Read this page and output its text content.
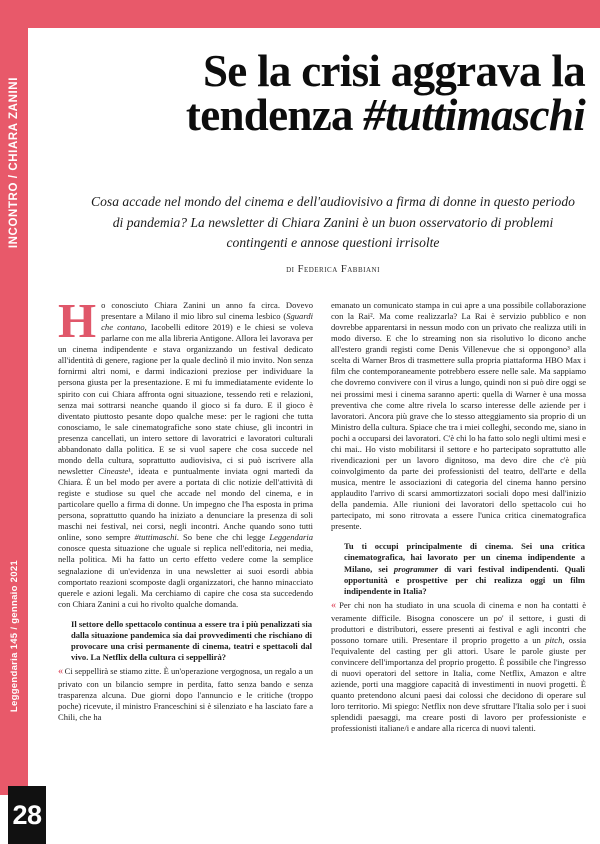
INCONTRO / CHIARA ZANINI
Leggendaria 145 / gennaio 2021
28
Se la crisi aggrava la
tendenza #tuttimaschi

Cosa accade nel mondo del cinema e dell'audiovisivo a firma di donne in questo periodo di pandemia? La newsletter di Chiara Zanini è un buon osservatorio di problemi contingenti e annose questioni irrisolte

di Federica Fabbiani

Ho conosciuto Chiara Zanini un anno fa circa. Dovevo presentare a Milano il mio libro sul cinema lesbico (Sguardi che contano, Iacobelli editore 2019) e le chiesi se voleva parlarne con me alla libreria Antigone. Allora lei lavorava per un cinema indipendente e stava organizzando un festival dedicato all'identità di genere, ragione per la quale declinò il mio invito. Non senza fornirmi altri nomi, e darmi indicazioni preziose per individuare la persona giusta per la presentazione. E mi fu immediatamente evidente lo spirito con cui Chiara affronta ogni situazione, tessendo reti e relazioni, senza mai sottrarsi neanche quando il gioco si fa duro. E il gioco è diventato piuttosto pesante dopo qualche mese: per le ragioni che tutta conosciamo, le sale cinematografiche sono state chiuse, gli incontri in presenza cancellati, un intero settore di lavoratrici e lavoratori culturali abbandonato dalla politica. E se si vuol sapere che cosa succede nel mondo della cultura, soprattutto audiovisiva, ci si può iscrivere alla newsletter Cineaste¹, ideata e puntualmente inviata ogni martedì da Chiara. È un bel modo per avere a portata di clic notizie dell'attività di registe e studiose su quel che accade nel mondo del cinema, e in particolare quello a firma di donne. Un impegno che l'ha esposta in prima persona, soprattutto quando ha iniziato a denunciare la presenza di soli maschi nei festival, nei corsi, negli incontri. Anche quando sono tutti online, sono sempre #tuttimaschi. So bene che chi legge Leggendaria conosce questa situazione che uguale si replica nell'editoria, nei media, nella politica. Mi ha fatto un certo effetto vedere come la semplice segnalazione di un'evidenza in una newsletter ai suoi esordi abbia comportato reazioni scomposte dagli organizzatori, che hanno minacciato querele e azioni legali. Ma cerchiamo di capire che cosa sta succedendo con Chiara Zanini a cui ho rivolto qualche domanda.

Il settore dello spettacolo continua a essere tra i più penalizzati sia dalla situazione pandemica sia dai provvedimenti che rischiano di provocare una crisi permanente di cinema, teatri e spettacoli dal vivo. La Netflix della cultura ci seppellirà?

« Ci seppellirà se stiamo zitte. È un'operazione vergognosa, un regalo a un privato con un bilancio sempre in perdita, fatto senza bando e senza trasparenza alcuna. Due giorni dopo l'annuncio e le critiche (troppo poche) ricevute, il ministro Franceschini si è silenziato e ha lasciato fare a Chili, che ha

emanato un comunicato stampa in cui apre a una possibile collaborazione con la Rai². Ma come realizzarla? La Rai è servizio pubblico e non dovrebbe apparentarsi in nessun modo con un privato che realizza utili in modo diverso. E che lo streaming non sia risolutivo lo dicono anche all'estero grandi registi come Denis Villenevue che si oppongono³ alla scelta di Warner Bros di trasmettere sulla propria piattaforma HBO Max i film che contemporaneamente potrebbero essere nelle sale. Ma sappiamo che dovremo convivere con il virus a lungo, quindi non si può dire oggi se nei prossimi mesi i cinema saranno aperti: quella di Warner è una mossa preventiva che come altre rivela lo scarso interesse delle aziende per i lavoratori. Ancora più grave che lo stesso atteggiamento sia proprio di un Ministro della cultura. Spiace che tra i miei colleghi, secondo me, siano in pochi a occuparsi dei lavoratori. C'è chi lo ha fatto solo negli ultimi mesi e chi mai.. Ho visto mobilitarsi il settore e ho partecipato soprattutto alle rivendicazioni per un lavoro dignitoso, ma devo dire che c'è più coinvolgimento da parte dei professionisti del teatro, dell'arte e della musica, mentre le associazioni di categoria del cinema hanno persino applaudito l'arrivo di scarsi ammortizzatori sociali dopo mesi dall'inizio della pandemia. Alle riunioni dei lavoratori dello spettacolo cui ho partecipato, mi sono ritrovata a essere l'unica critica cinematografica presente.

Tu ti occupi principalmente di cinema. Sei una critica cinematografica, hai lavorato per un cinema indipendente a Milano, sei programmer di vari festival indipendenti. Quali opportunità e prospettive per chi realizza oggi un film indipendente in Italia?

« Per chi non ha studiato in una scuola di cinema e non ha contatti è veramente difficile. Bisogna conoscere un po' il settore, i gusti di produttori e distributori, essere presenti ai festival e agli incontri che possono tornare utili. Presentare il proprio progetto a un pitch, ossia l'equivalente del casting per gli attori. Usare le parole giuste per convincere dell'importanza del proprio progetto. È possibile che l'ingresso di nuovi operatori del settore in Italia, come Netflix, Amazon e altre aziende, porti una maggiore capacità di investimenti in nuovi progetti. È quanto pretendono alcuni paesi dai colossi che decidono di operare sul loro territorio. Mi spiego: Netflix non deve sfruttare l'Italia solo per i suoi splendidi paesaggi, ma creare posti di lavoro per professioniste e professionisti italiane/i e andare alla ricerca di nuovi talenti.
